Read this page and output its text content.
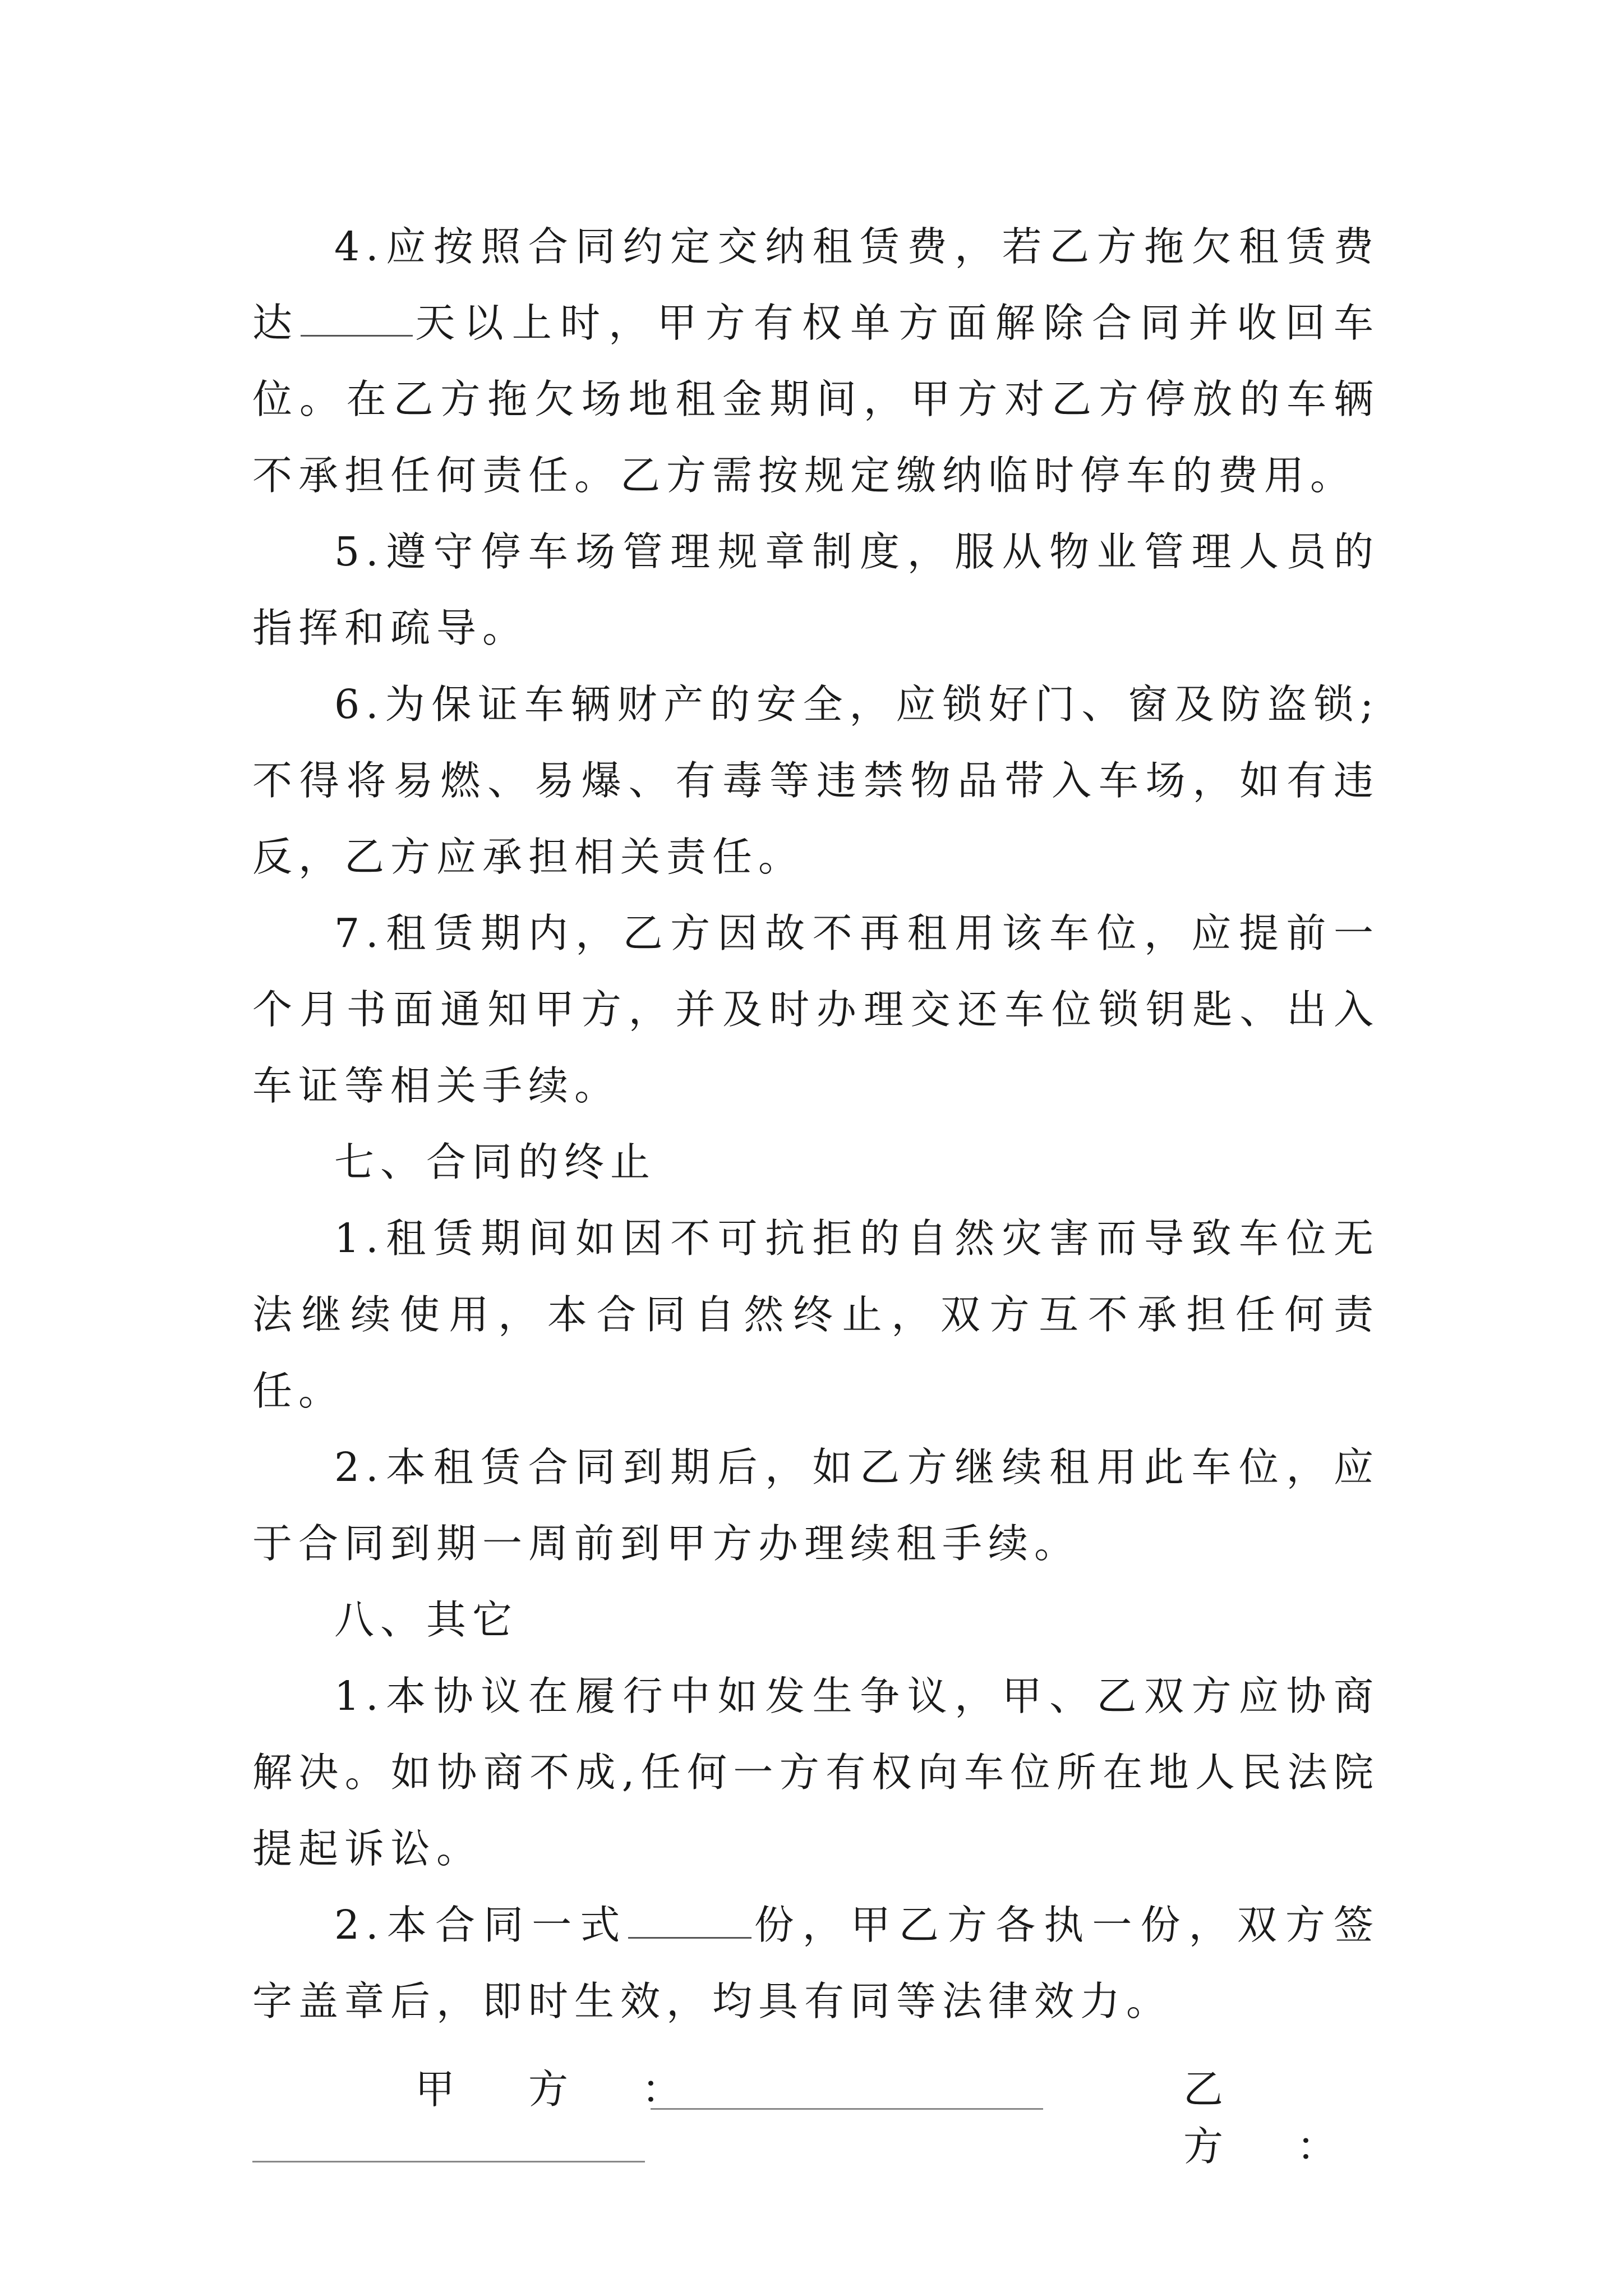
4.应按照合同约定交纳租赁费，若乙方拖欠租赁费达	天以上时，甲方有权单方面解除合同并收回车位。在乙方拖欠场地租金期间，甲方对乙方停放的车辆不承担任何责任。乙方需按规定缴纳临时停车的费用。

5.遵守停车场管理规章制度，服从物业管理人员的指挥和疏导。

6.为保证车辆财产的安全，应锁好门、窗及防盗锁;不得将易燃、易爆、有毒等违禁物品带入车场，如有违反，乙方应承担相关责任。

7.租赁期内，乙方因故不再租用该车位，应提前一个月书面通知甲方，并及时办理交还车位锁钥匙、出入车证等相关手续。

七、合同的终止

1.租赁期间如因不可抗拒的自然灾害而导致车位无法继续使用，本合同自然终止，双方互不承担任何责任。

2.本租赁合同到期后，如乙方继续租用此车位，应于合同到期一周前到甲方办理续租手续。

八、其它

1.本协议在履行中如发生争议，甲、乙双方应协商解决。如协商不成,任何一方有权向车位所在地人民法院提起诉讼。

2.本合同一式	份，甲乙方各执一份，双方签字盖章后，即时生效，均具有同等法律效力。

甲　方　：	乙　方　：
